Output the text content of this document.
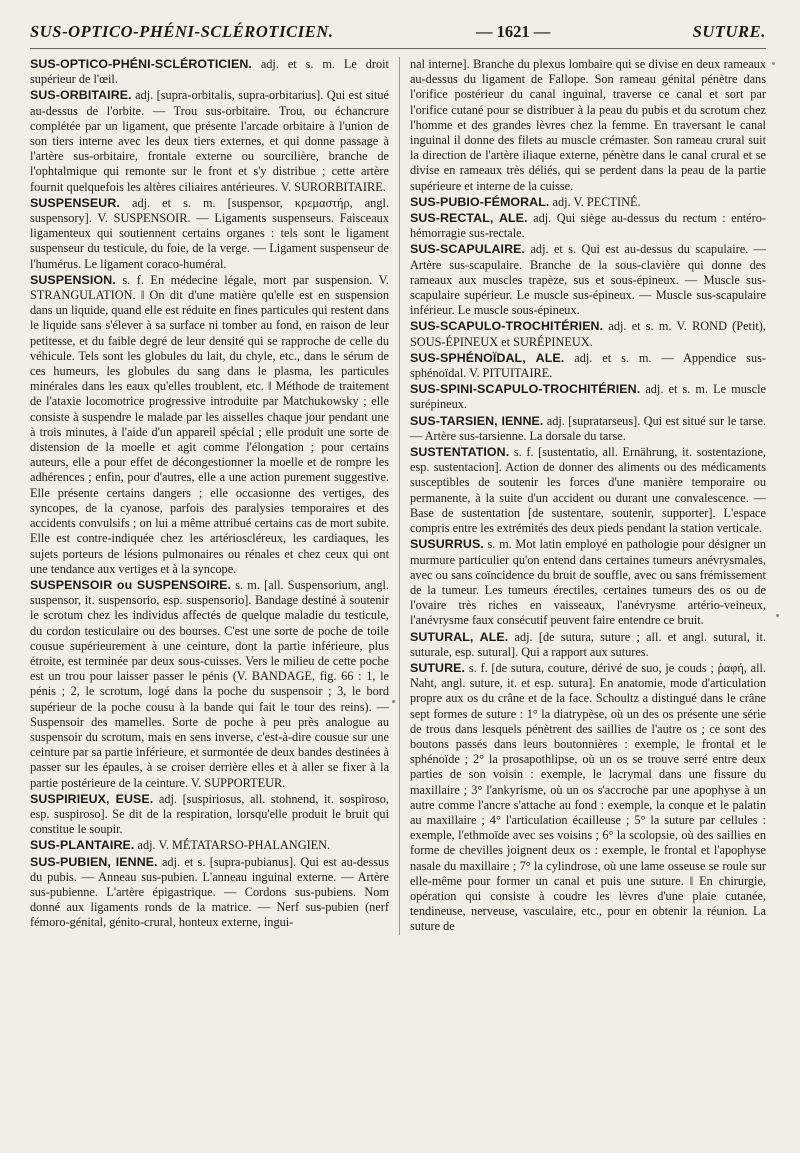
SUS-OPTICO-PHÉNI-SCLÉROTICIEN.	— 1621 —	SUTURE.

SUS-OPTICO-PHÉNI-SCLÉROTICIEN. adj. et s. m. Le droit supérieur de l'œil.

SUS-ORBITAIRE. adj. [supra-orbitalis, supra-orbitarius]. Qui est situé au-dessus de l'orbite. — Trou sus-orbitaire. Trou, ou échancrure complétée par un ligament, que présente l'arcade orbitaire à l'union de son tiers interne avec les deux tiers externes, et qui donne passage à l'artère sus-orbitaire, frontale externe ou sourcilière, branche de l'ophtalmique qui remonte sur le front et s'y distribue ; cette artère fournit quelquefois les altères ciliaires antérieures. V. SURORBITAIRE.

SUSPENSEUR. adj. et s. m. [suspensor, κρεμαστήρ, angl. suspensory]. V. SUSPENSOIR. — Ligaments suspenseurs. Faisceaux ligamenteux qui soutiennent certains organes : tels sont le ligament suspenseur du testicule, du foie, de la verge. — Ligament suspenseur de l'humérus. Le ligament coraco-huméral.

SUSPENSION. s. f. En médecine légale, mort par suspension. V. STRANGULATION. ‖ On dit d'une matière qu'elle est en suspension dans un liquide, quand elle est réduite en fines particules qui restent dans le liquide sans s'élever à sa surface ni tomber au fond, en raison de leur petitesse, et du faible degré de leur densité qui se rapproche de celle du véhicule. Tels sont les globules du lait, du chyle, etc., dans le sérum de ces humeurs, les globules du sang dans le plasma, les particules minérales dans les eaux qu'elles troublent, etc. ‖ Méthode de traitement de l'ataxie locomotrice progressive introduite par Matchukowsky ; elle consiste à suspendre le malade par les aisselles chaque jour pendant une à trois minutes, à l'aide d'un appareil spécial ; elle produit une sorte de distension de la moelle et agit comme l'élongation ; pour certains auteurs, elle a pour effet de décongestionner la moelle et de rompre les adhérences ; enfin, pour d'autres, elle a une action purement suggestive. Elle présente certains dangers ; elle occasionne des vertiges, des syncopes, de la cyanose, parfois des paralysies temporaires et des accidents convulsifs ; on lui a même attribué certains cas de mort subite. Elle est contre-indiquée chez les artérioscléreux, les cardiaques, les sujets porteurs de lésions pulmonaires ou rénales et chez ceux qui ont une tendance aux vertiges et à la syncope.

SUSPENSOIR ou SUSPENSOIRE. s. m. [all. Suspensorium, angl. suspensor, it. suspensorio, esp. suspensorio]. Bandage destiné à soutenir le scrotum chez les individus affectés de quelque maladie du testicule, du cordon testiculaire ou des bourses. C'est une sorte de poche de toile cousue supérieurement à une ceinture, dont la partie inférieure, plus étroite, est terminée par deux sous-cuisses. Vers le milieu de cette poche est un trou pour laisser passer le pénis (V. BANDAGE, fig. 66 : 1, le pénis ; 2, le scrotum, logé dans la poche du suspensoir ; 3, le bord supérieur de la poche cousu à la bande qui fait le tour des reins). — Suspensoir des mamelles. Sorte de poche à peu près analogue au suspensoir du scrotum, mais en sens inverse, c'est-à-dire cousue sur une ceinture par sa partie inférieure, et surmontée de deux bandes destinées à passer sur les épaules, à se croiser derrière elles et à aller se fixer à la partie postérieure de la ceinture. V. SUPPORTEUR.

SUSPIRIEUX, EUSE. adj. [suspiriosus, all. stohnend, it. sospiroso, esp. suspiroso]. Se dit de la respiration, lorsqu'elle produit le bruit qui constitue le soupir.

SUS-PLANTAIRE. adj. V. MÉTATARSO-PHALANGIEN.

SUS-PUBIEN, IENNE. adj. et s. [supra-pubianus]. Qui est au-dessus du pubis. — Anneau sus-pubien. L'anneau inguinal externe. — Artère sus-pubienne. L'artère épigastrique. — Cordons sus-pubiens. Nom donné aux ligaments ronds de la matrice. — Nerf sus-pubien (nerf fémoro-génital, génito-crural, honteux externe, ingui-

nal interne]. Branche du plexus lombaire qui se divise en deux rameaux au-dessus du ligament de Fallope. Son rameau génital pénètre dans l'orifice postérieur du canal inguinal, traverse ce canal et sort par l'orifice cutané pour se distribuer à la peau du pubis et du scrotum chez l'homme et des grandes lèvres chez la femme. En traversant le canal inguinal il donne des filets au muscle crémaster. Son rameau crural suit la direction de l'artère iliaque externe, pénètre dans le canal crural et se divise en rameaux très déliés, qui se perdent dans la peau de la partie supérieure et interne de la cuisse.

SUS-PUBIO-FÉMORAL. adj. V. PECTINÉ.

SUS-RECTAL, ALE. adj. Qui siège au-dessus du rectum : entéro-hémorragie sus-rectale.

SUS-SCAPULAIRE. adj. et s. Qui est au-dessus du scapulaire. — Artère sus-scapulaire. Branche de la sous-clavière qui donne des rameaux aux muscles trapèze, sus et sous-épineux. — Muscle sus-scapulaire supérieur. Le muscle sus-épineux. — Muscle sus-scapulaire inférieur. Le muscle sous-épineux.

SUS-SCAPULO-TROCHITÉRIEN. adj. et s. m. V. ROND (Petit), SOUS-ÉPINEUX et SURÉPINEUX.

SUS-SPHÉNOÏDAL, ALE. adj. et s. m. — Appendice sus-sphénoïdal. V. PITUITAIRE.

SUS-SPINI-SCAPULO-TROCHITÉRIEN. adj. et s. m. Le muscle surépineux.

SUS-TARSIEN, IENNE. adj. [supratarseus]. Qui est situé sur le tarse. — Artère sus-tarsienne. La dorsale du tarse.

SUSTENTATION. s. f. [sustentatio, all. Ernährung, it. sostentazione, esp. sustentacion]. Action de donner des aliments ou des médicaments susceptibles de soutenir les forces d'une manière temporaire ou permanente, à la suite d'un accident ou durant une convalescence. — Base de sustentation [de sustentare, soutenir, supporter]. L'espace compris entre les extrémités des deux pieds pendant la station verticale.

SUSURRUS. s. m. Mot latin employé en pathologie pour désigner un murmure particulier qu'on entend dans certaines tumeurs anévrysmales, avec ou sans coïncidence du bruit de souffle, avec ou sans frémissement de la tumeur. Les tumeurs érectiles, certaines tumeurs des os ou de l'ovaire très riches en vaisseaux, l'anévrysme artério-veineux, l'anévrysme faux consécutif peuvent faire entendre ce bruit.

SUTURAL, ALE. adj. [de sutura, suture ; all. et angl. sutural, it. suturale, esp. sutural]. Qui a rapport aux sutures.

SUTURE. s. f. [de sutura, couture, dérivé de suo, je couds ; ῥαφή, all. Naht, angl. suture, it. et esp. sutura]. En anatomie, mode d'articulation propre aux os du crâne et de la face. Schoultz a distingué dans le crâne sept formes de suture : 1° la diatrypèse, où un des os présente une série de trous dans lesquels pénètrent des saillies de l'autre os ; ce sont des boutons passés dans leurs boutonnières : exemple, le frontal et le sphénoïde ; 2° la prosapothlipse, où un os se trouve serré entre deux parties de son voisin : exemple, le lacrymal dans une fissure du maxillaire ; 3° l'ankyrisme, où un os s'accroche par une apophyse à un autre comme l'ancre s'attache au fond : exemple, la conque et le palatin au maxillaire ; 4° l'articulation écailleuse ; 5° la suture par cellules : exemple, l'ethmoïde avec ses voisins ; 6° la scolopsie, où des saillies en forme de chevilles joignent deux os : exemple, le frontal et l'apophyse nasale du maxillaire ; 7° la cylindrose, où une lame osseuse se roule sur elle-même pour former un canal et puis une suture. ‖ En chirurgie, opération qui consiste à coudre les lèvres d'une plaie cutanée, tendineuse, nerveuse, vasculaire, etc., pour en obtenir la réunion. La suture de
